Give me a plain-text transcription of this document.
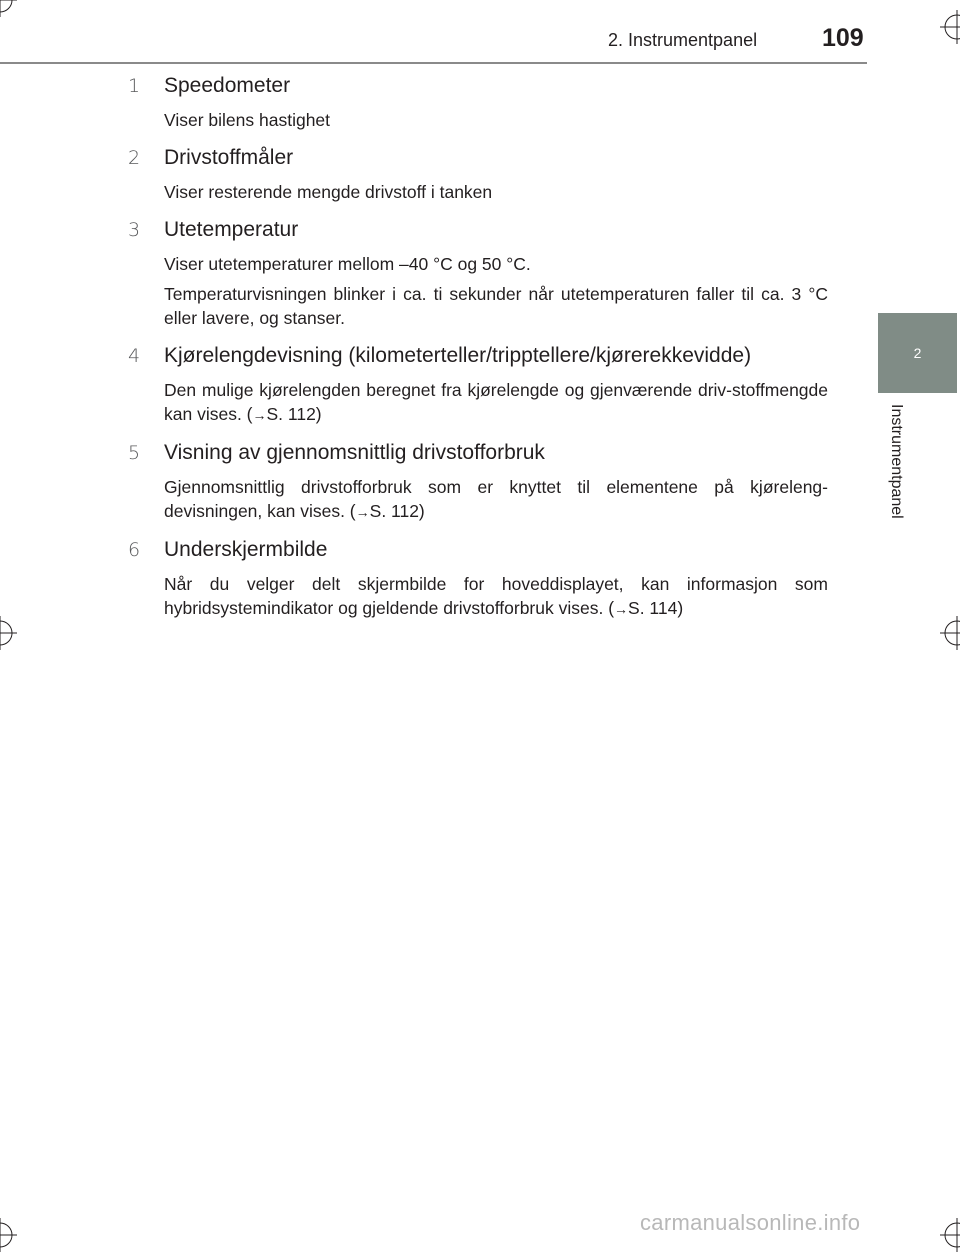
2. Instrumentpanel	109
2
Instrumentpanel
1	Speedometer

Viser bilens hastighet

2	Drivstoffmåler

Viser resterende mengde drivstoff i tanken

3	Utetemperatur

Viser utetemperaturer mellom –40 °C og 50 °C.

Temperaturvisningen blinker i ca. ti sekunder når utetemperaturen faller til ca. 3 °C eller lavere, og stanser.

4	Kjørelengdevisning (kilometerteller/tripptellere/kjørerekkevidde)

Den mulige kjørelengden beregnet fra kjørelengde og gjenværende driv-stoffmengde kan vises. (→S. 112)

5	Visning av gjennomsnittlig drivstofforbruk

Gjennomsnittlig drivstofforbruk som er knyttet til elementene på kjøreleng-devisningen, kan vises. (→S. 112)

6	Underskjermbilde

Når du velger delt skjermbilde for hoveddisplayet, kan informasjon som hybridsystemindikator og gjeldende drivstofforbruk vises. (→S. 114)

carmanualsonline.info
